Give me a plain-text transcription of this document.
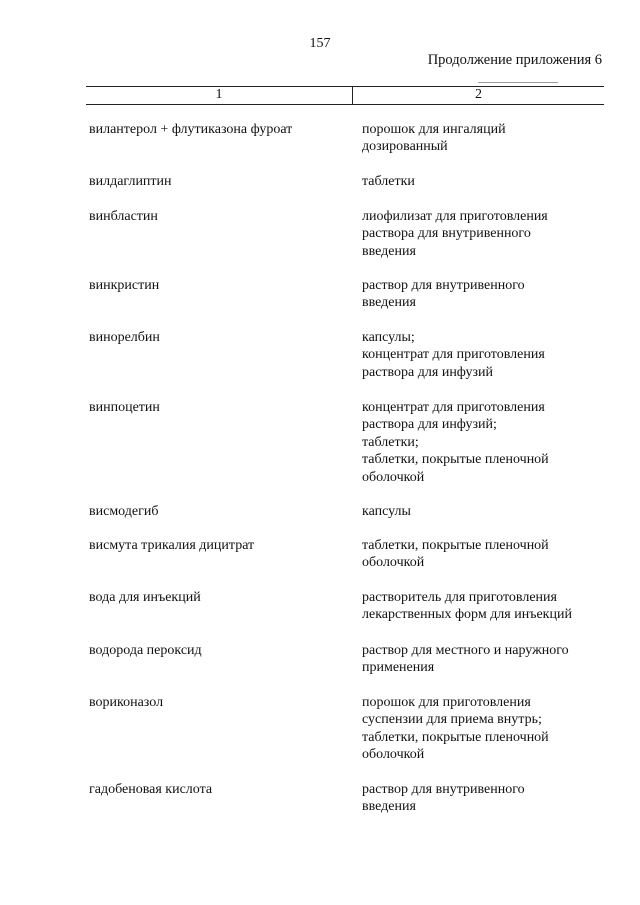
157
Продолжение приложения 6
1	2
вилантерол + флутиказона фуроат	порошок для ингаляций
дозированный
вилдаглиптин	таблетки
винбластин	лиофилизат для приготовления
раствора для внутривенного
введения
винкристин	раствор для внутривенного
введения
винорелбин	капсулы;
концентрат для приготовления
раствора для инфузий
винпоцетин	концентрат для приготовления
раствора для инфузий;
таблетки;
таблетки, покрытые пленочной
оболочкой
висмодегиб	капсулы
висмута трикалия дицитрат	таблетки, покрытые пленочной
оболочкой
вода для инъекций	растворитель для приготовления
лекарственных форм для инъекций
водорода пероксид	раствор для местного и наружного
применения
вориконазол	порошок для приготовления
суспензии для приема внутрь;
таблетки, покрытые пленочной
оболочкой
гадобеновая кислота	раствор для внутривенного
введения
